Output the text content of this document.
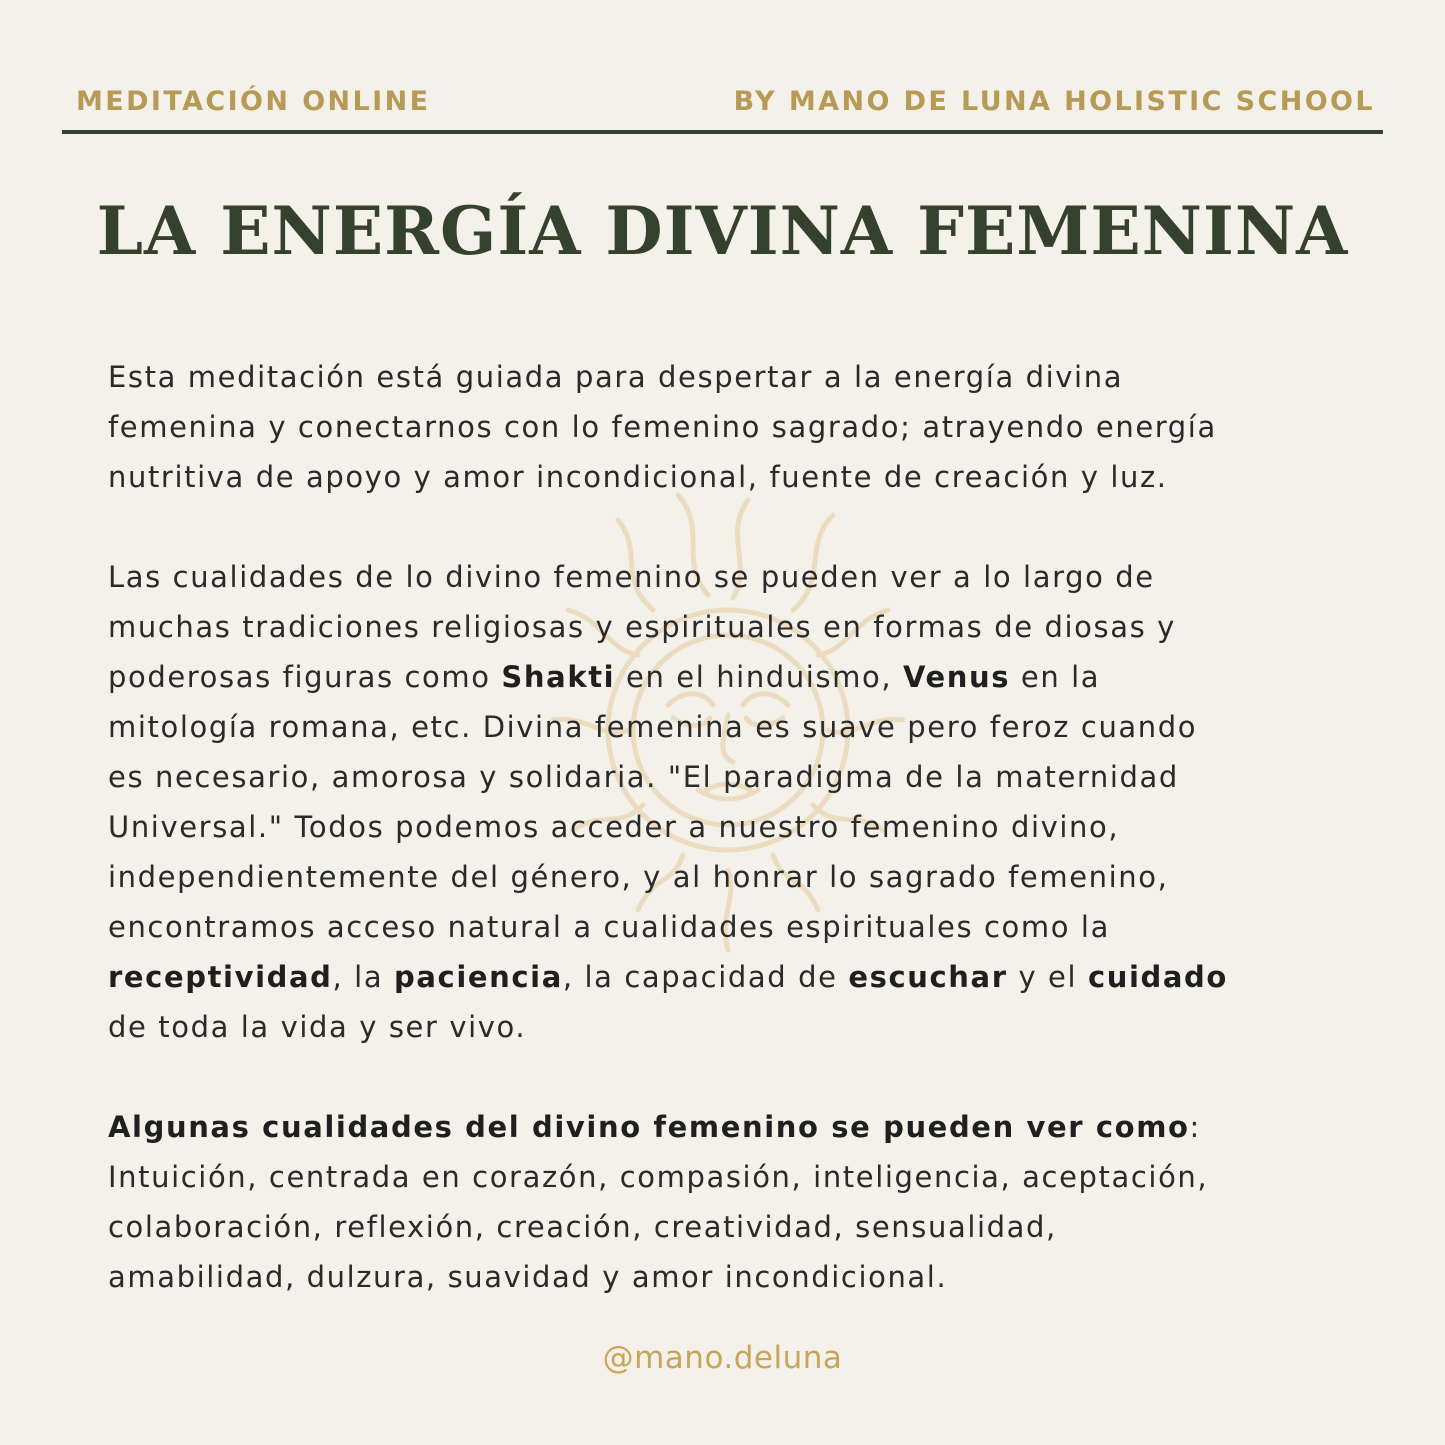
MEDITACIÓN ONLINE	BY MANO DE LUNA HOLISTIC SCHOOL
LA ENERGÍA DIVINA FEMENINA
Esta meditación está guiada para despertar a la energía divina
femenina y conectarnos con lo femenino sagrado; atrayendo energía
nutritiva de apoyo y amor incondicional, fuente de creación y luz.
Las cualidades de lo divino femenino se pueden ver a lo largo de
muchas tradiciones religiosas y espirituales en formas de diosas y
poderosas figuras como Shakti en el hinduismo, Venus en la
mitología romana, etc. Divina femenina es suave pero feroz cuando
es necesario, amorosa y solidaria. "El paradigma de la maternidad
Universal." Todos podemos acceder a nuestro femenino divino,
independientemente del género, y al honrar lo sagrado femenino,
encontramos acceso natural a cualidades espirituales como la
receptividad, la paciencia, la capacidad de escuchar y el cuidado
de toda la vida y ser vivo.
Algunas cualidades del divino femenino se pueden ver como:
Intuición, centrada en corazón, compasión, inteligencia, aceptación,
colaboración, reflexión, creación, creatividad, sensualidad,
amabilidad, dulzura, suavidad y amor incondicional.
@mano.deluna
